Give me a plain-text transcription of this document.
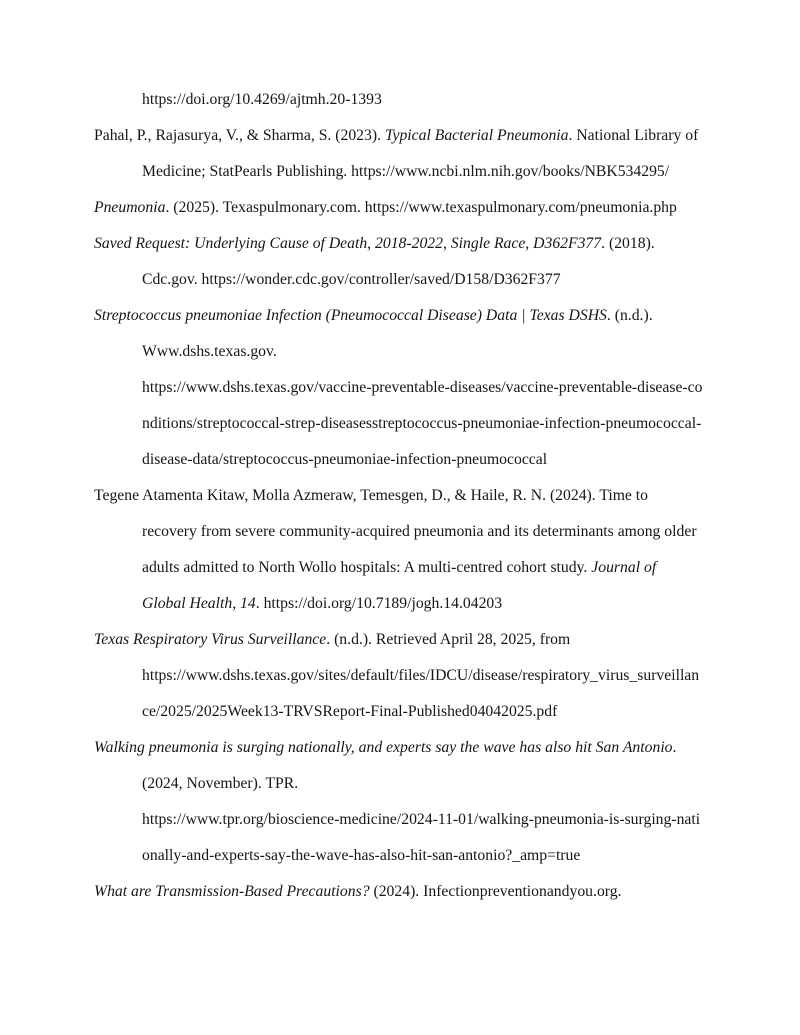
https://doi.org/10.4269/ajtmh.20-1393

Pahal, P., Rajasurya, V., & Sharma, S. (2023). Typical Bacterial Pneumonia. National Library of
Medicine; StatPearls Publishing. https://www.ncbi.nlm.nih.gov/books/NBK534295/

Pneumonia. (2025). Texaspulmonary.com. https://www.texaspulmonary.com/pneumonia.php

Saved Request: Underlying Cause of Death, 2018-2022, Single Race, D362F377. (2018).
Cdc.gov. https://wonder.cdc.gov/controller/saved/D158/D362F377

Streptococcus pneumoniae Infection (Pneumococcal Disease) Data | Texas DSHS. (n.d.).
Www.dshs.texas.gov.
https://www.dshs.texas.gov/vaccine-preventable-diseases/vaccine-preventable-disease-co
nditions/streptococcal-strep-diseasesstreptococcus-pneumoniae-infection-pneumococcal-
disease-data/streptococcus-pneumoniae-infection-pneumococcal

Tegene Atamenta Kitaw, Molla Azmeraw, Temesgen, D., & Haile, R. N. (2024). Time to
recovery from severe community-acquired pneumonia and its determinants among older
adults admitted to North Wollo hospitals: A multi-centred cohort study. Journal of
Global Health, 14. https://doi.org/10.7189/jogh.14.04203

Texas Respiratory Virus Surveillance. (n.d.). Retrieved April 28, 2025, from
https://www.dshs.texas.gov/sites/default/files/IDCU/disease/respiratory_virus_surveillan
ce/2025/2025Week13-TRVSReport-Final-Published04042025.pdf

Walking pneumonia is surging nationally, and experts say the wave has also hit San Antonio.
(2024, November). TPR.
https://www.tpr.org/bioscience-medicine/2024-11-01/walking-pneumonia-is-surging-nati
onally-and-experts-say-the-wave-has-also-hit-san-antonio?_amp=true

What are Transmission-Based Precautions? (2024). Infectionpreventionandyou.org.
